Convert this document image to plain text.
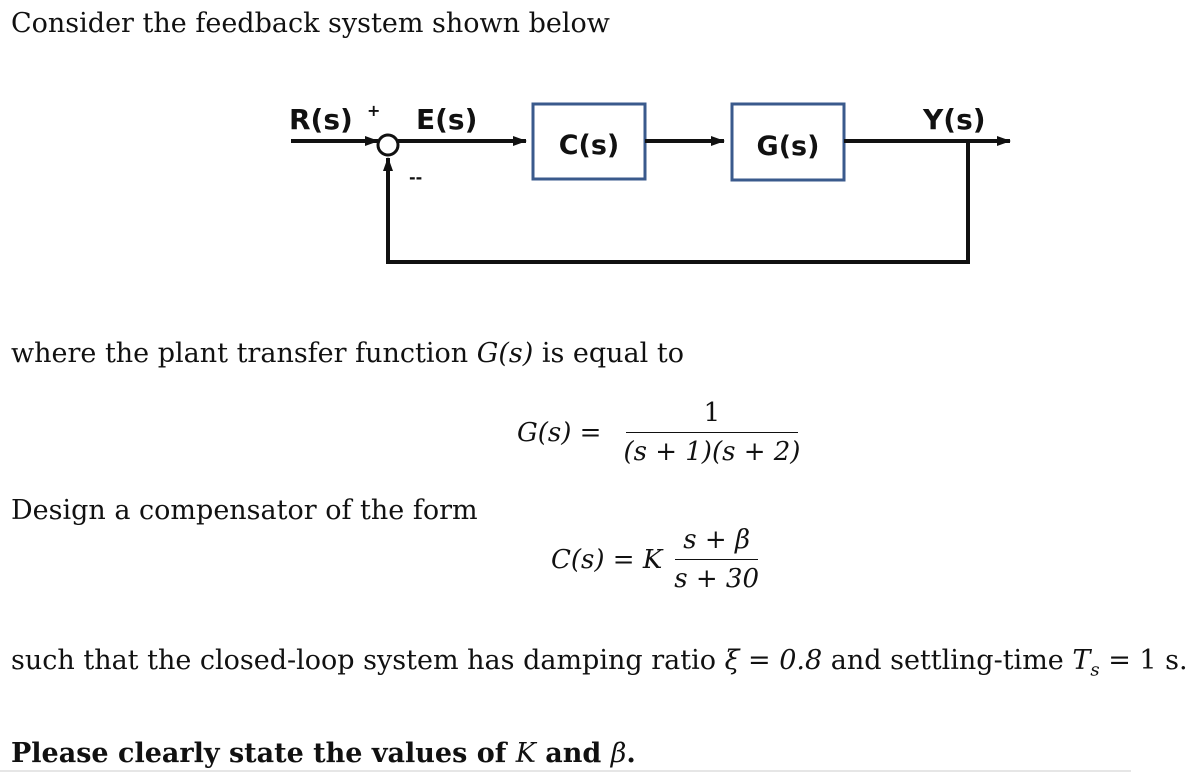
Consider the feedback system shown below
C(s)	G(s)
R(s) + E(s)
--
Y(s)
where the plant transfer function G(s) is equal to
$G(s) = \frac{1}{(s + 1)(s + 2)}$
Design a compensator of the form
C(s) = K $\frac{s + \beta}{s + 30}$
such that the closed-loop system has damping ratio ξ = 0.8 and settling-time $T_s = 1$ s.
Please clearly state the values of K and β.
